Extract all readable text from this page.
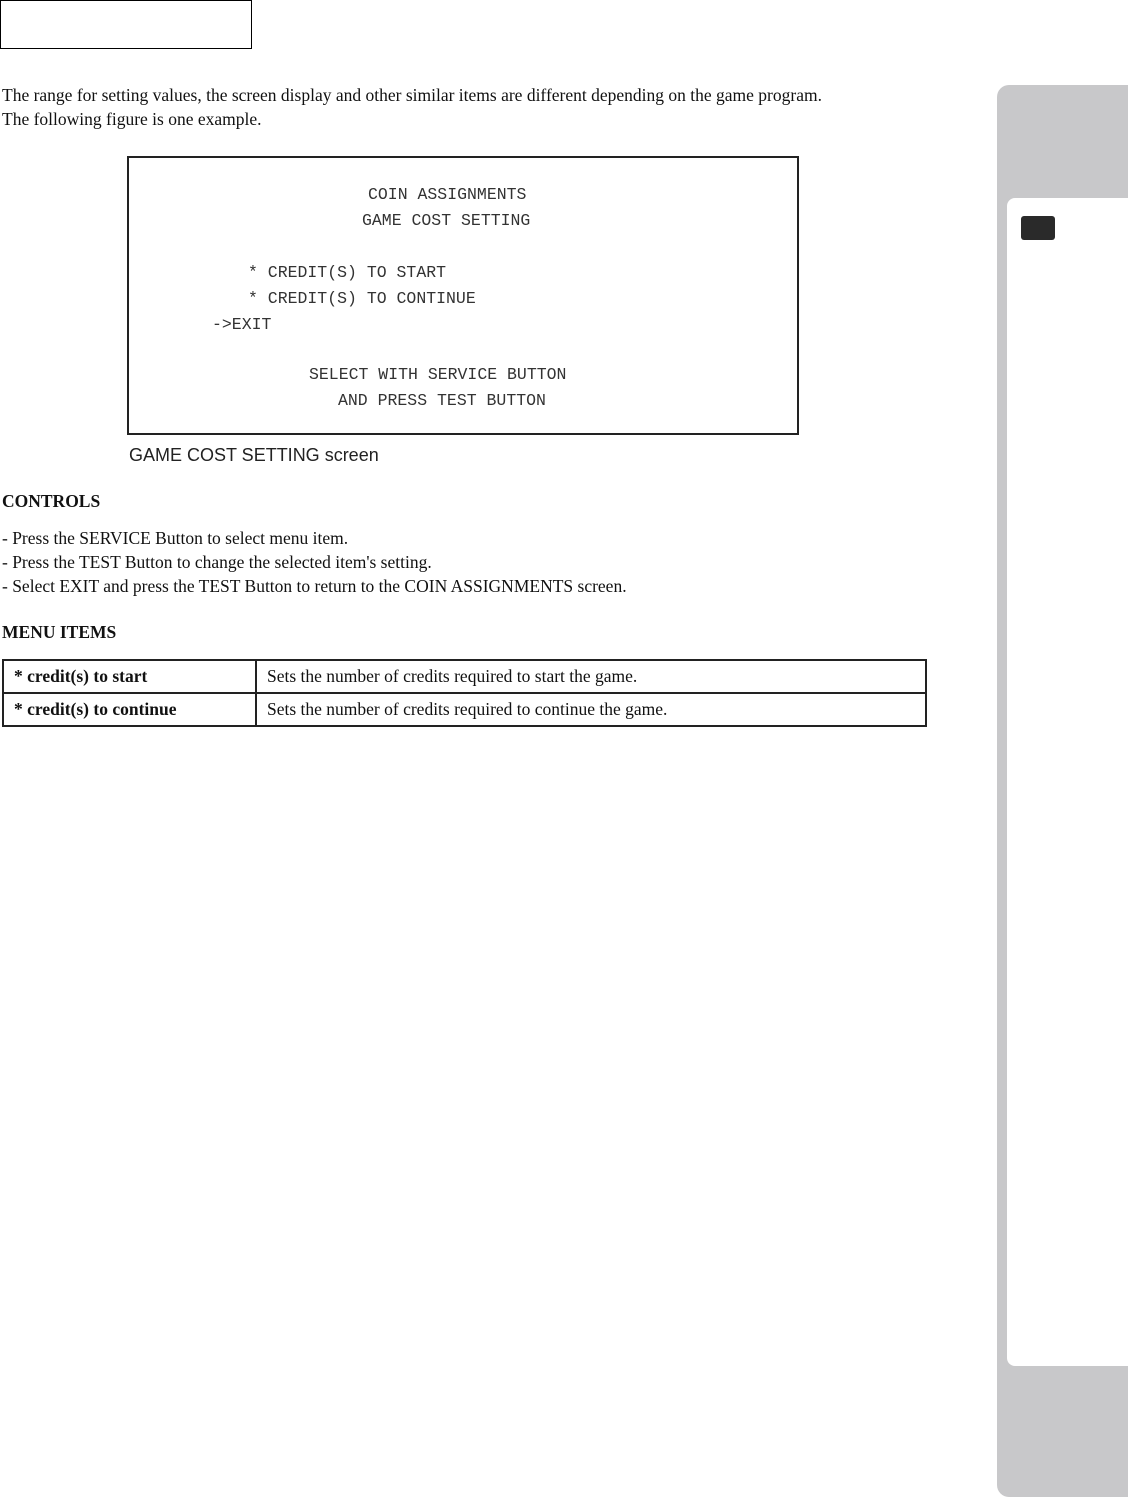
The range for setting values, the screen display and other similar items are different depending on the game program.
The following figure is one example.
COIN ASSIGNMENTS
GAME COST SETTING
* CREDIT(S) TO START
* CREDIT(S) TO CONTINUE
->EXIT
SELECT WITH SERVICE BUTTON
AND PRESS TEST BUTTON
GAME COST SETTING screen
CONTROLS
- Press the SERVICE Button to select menu item.
- Press the TEST Button to change the selected item's setting.
- Select EXIT and press the TEST Button to return to the COIN ASSIGNMENTS screen.
MENU ITEMS
* credit(s) to start	Sets the number of credits required to start the game.
* credit(s) to continue	Sets the number of credits required to continue the game.
